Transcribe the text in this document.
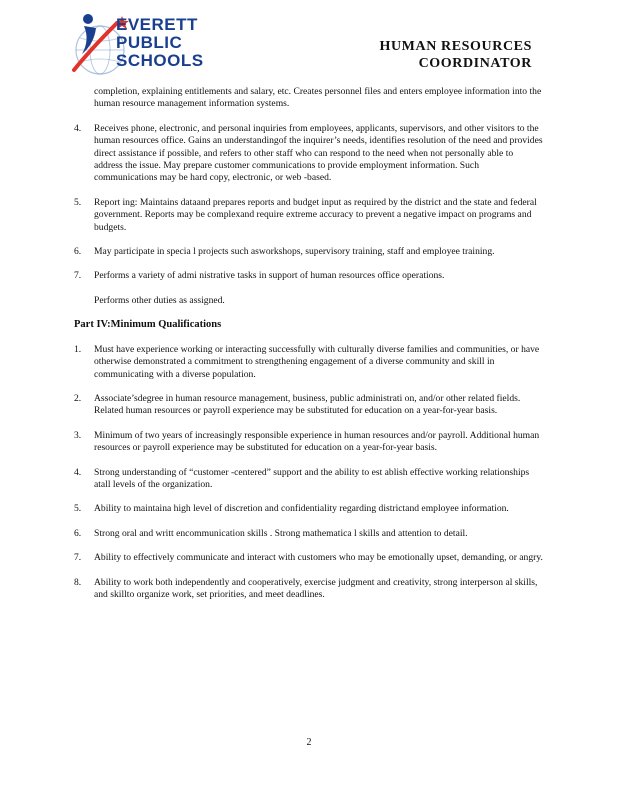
EVERETT
PUBLIC
SCHOOLS
HUMAN RESOURCES
COORDINATOR

completion, explaining entitlements and salary, etc. Creates personnel files and enters employee information into the human resource management information systems.

4. Receives phone, electronic, and personal inquiries from employees, applicants, supervisors, and other visitors to the human resources office. Gains an understandingof the inquirer’s needs, identifies resolution of the need and provides direct assistance if possible, and refers to other staff who can respond to the need when not personally able to address the issue. May prepare customer communications to provide employment information. Such communications may be hard copy, electronic, or web -based.
5. Report ing: Maintains dataand prepares reports and budget input as required by the district and the state and federal government. Reports may be complexand require extreme accuracy to prevent a negative impact on programs and budgets.
6. May participate in specia l projects such asworkshops, supervisory training, staff and employee training.
7. Performs a variety of admi nistrative tasks in support of human resources office operations.

Performs other duties as assigned.

Part IV:Minimum Qualifications
1. Must have experience working or interacting successfully with culturally diverse families and communities, or have otherwise demonstrated a commitment to strengthening engagement of a diverse community and skill in communicating with a diverse population.
2. Associate’sdegree in human resource management, business, public administrati on, and/or other related fields. Related human resources or payroll experience may be substituted for education on a year-for-year basis.
3. Minimum of two years of increasingly responsible experience in human resources and/or payroll. Additional human resources or payroll experience may be substituted for education on a year-for-year basis.
4. Strong understanding of “customer -centered” support and the ability to est ablish effective working relationships atall levels of the organization.
5. Ability to maintaina high level of discretion and confidentiality regarding districtand employee information.
6. Strong oral and writt encommunication skills . Strong mathematica l skills and attention to detail.
7. Ability to effectively communicate and interact with customers who may be emotionally upset, demanding, or angry.
8. Ability to work both independently and cooperatively, exercise judgment and creativity, strong interperson al skills, and skillto organize work, set priorities, and meet deadlines.
2
